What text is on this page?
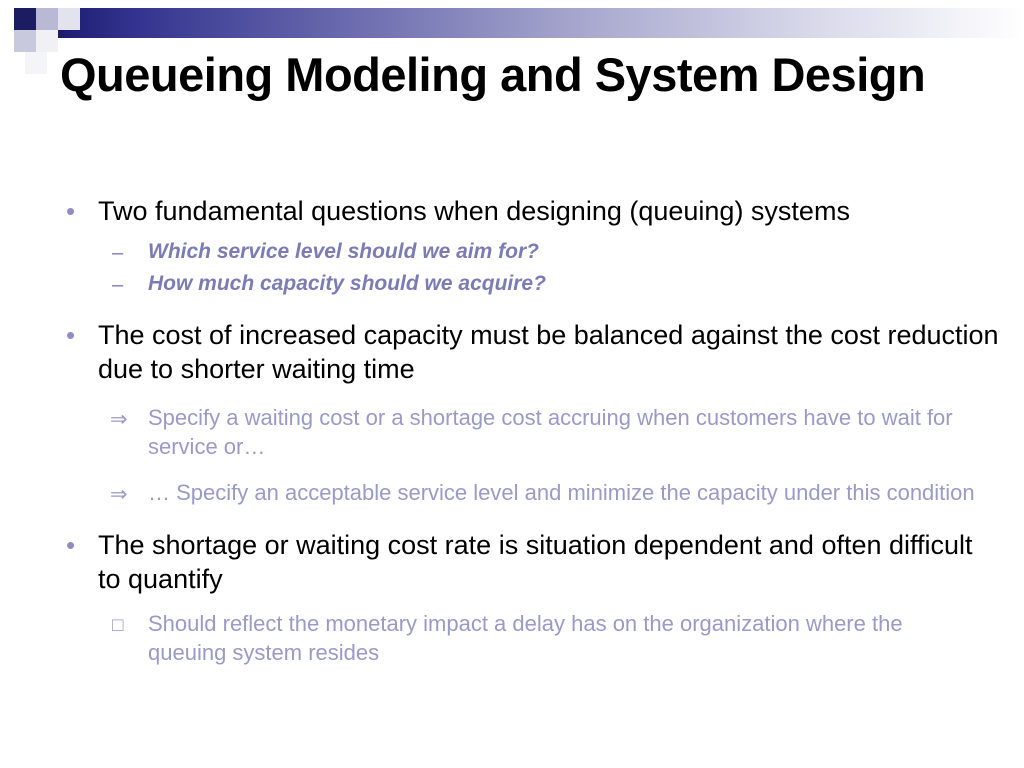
Queueing Modeling and System Design
• Two fundamental questions when designing (queuing) systems
–	Which service level should we aim for?
–	How much capacity should we acquire?
• The cost of increased capacity must be balanced against the cost reduction due to shorter waiting time
⇒ Specify a waiting cost or a shortage cost accruing when customers have to wait for service or…
⇒ … Specify an acceptable service level and minimize the capacity under this condition
• The shortage or waiting cost rate is situation dependent and often difficult to quantify
□	Should reflect the monetary impact a delay has on the organization where the queuing system resides
